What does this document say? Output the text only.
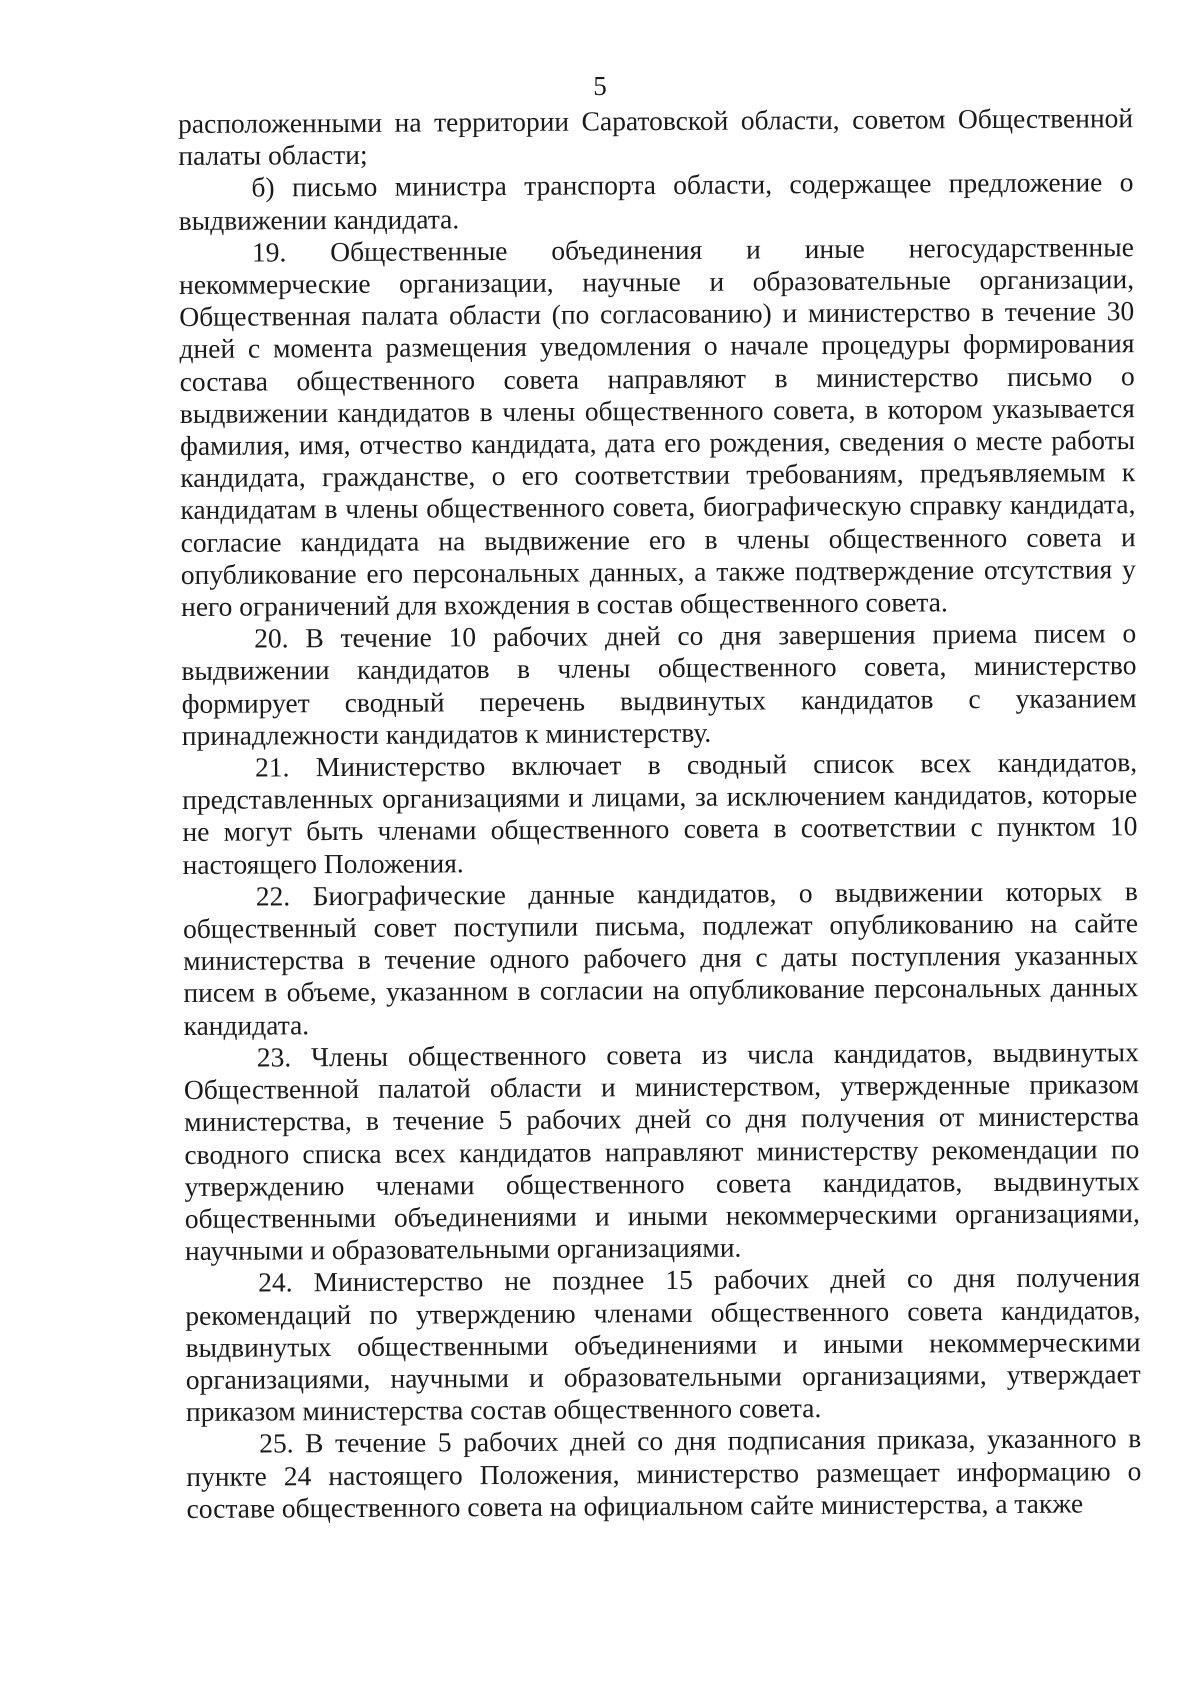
5

расположенными на территории Саратовской области, советом Общественной палаты области;

б) письмо министра транспорта области, содержащее предложение о выдвижении кандидата.

19. Общественные объединения и иные негосударственные некоммерческие организации, научные и образовательные организации, Общественная палата области (по согласованию) и министерство в течение 30 дней с момента размещения уведомления о начале процедуры формирования состава общественного совета направляют в министерство письмо о выдвижении кандидатов в члены общественного совета, в котором указывается фамилия, имя, отчество кандидата, дата его рождения, сведения о месте работы кандидата, гражданстве, о его соответствии требованиям, предъявляемым к кандидатам в члены общественного совета, биографическую справку кандидата, согласие кандидата на выдвижение его в члены общественного совета и опубликование его персональных данных, а также подтверждение отсутствия у него ограничений для вхождения в состав общественного совета.

20. В течение 10 рабочих дней со дня завершения приема писем о выдвижении кандидатов в члены общественного совета, министерство формирует сводный перечень выдвинутых кандидатов с указанием принадлежности кандидатов к министерству.

21. Министерство включает в сводный список всех кандидатов, представленных организациями и лицами, за исключением кандидатов, которые не могут быть членами общественного совета в соответствии с пунктом 10 настоящего Положения.

22. Биографические данные кандидатов, о выдвижении которых в общественный совет поступили письма, подлежат опубликованию на сайте министерства в течение одного рабочего дня с даты поступления указанных писем в объеме, указанном в согласии на опубликование персональных данных кандидата.

23. Члены общественного совета из числа кандидатов, выдвинутых Общественной палатой области и министерством, утвержденные приказом министерства, в течение 5 рабочих дней со дня получения от министерства сводного списка всех кандидатов направляют министерству рекомендации по утверждению членами общественного совета кандидатов, выдвинутых общественными объединениями и иными некоммерческими организациями, научными и образовательными организациями.

24. Министерство не позднее 15 рабочих дней со дня получения рекомендаций по утверждению членами общественного совета кандидатов, выдвинутых общественными объединениями и иными некоммерческими организациями, научными и образовательными организациями, утверждает приказом министерства состав общественного совета.

25. В течение 5 рабочих дней со дня подписания приказа, указанного в пункте 24 настоящего Положения, министерство размещает информацию о составе общественного совета на официальном сайте министерства, а также
